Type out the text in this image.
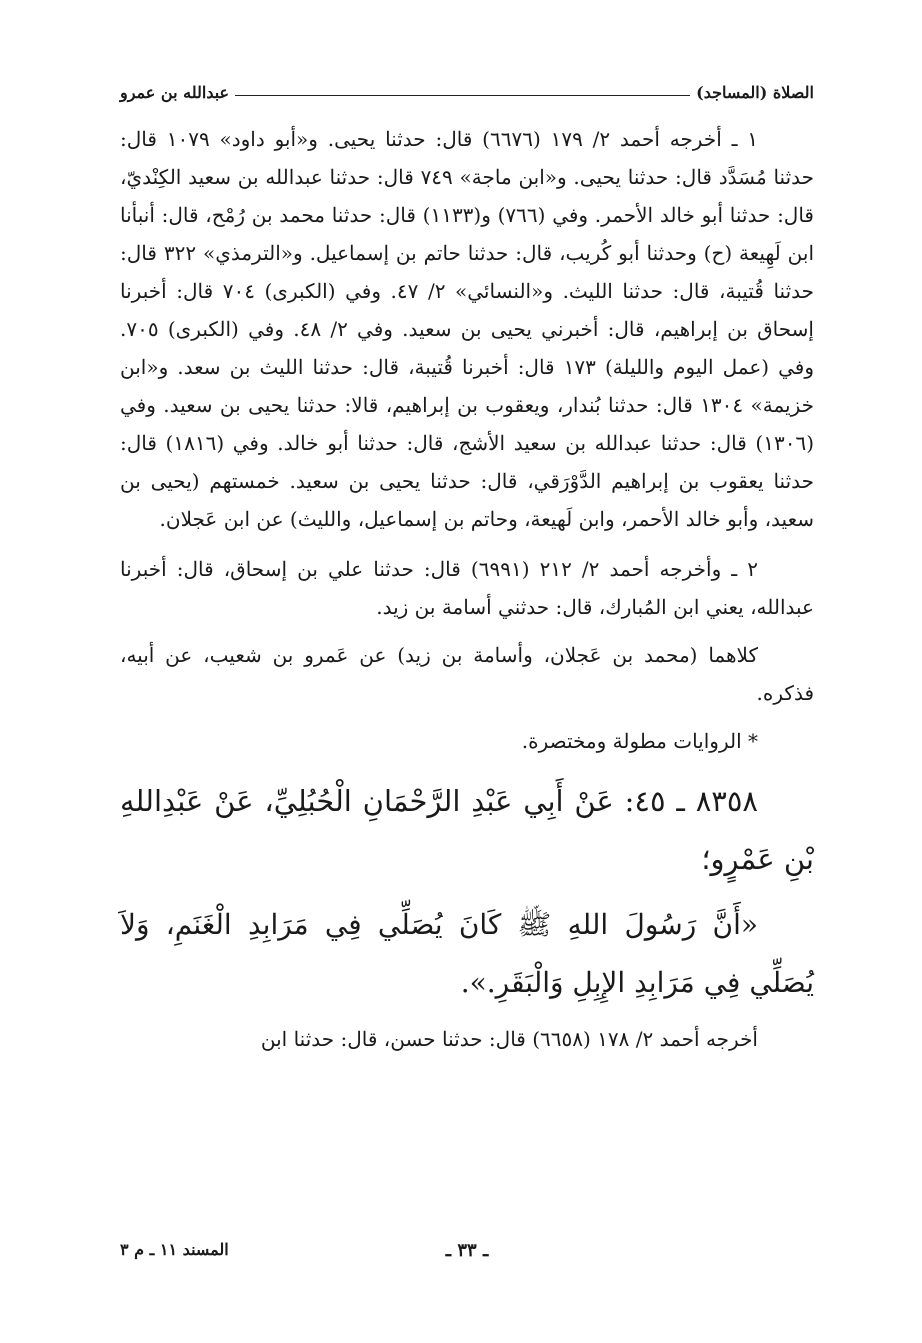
الصلاة (المساجد)
عبدالله بن عمرو

١ ـ أخرجه أحمد ٢/ ١٧٩ (٦٦٧٦) قال: حدثنا يحيى. و«أبو داود» ١٠٧٩ قال: حدثنا مُسَدَّد قال: حدثنا يحيى. و«ابن ماجة» ٧٤٩ قال: حدثنا عبدالله بن سعيد الكِنْديّ، قال: حدثنا أبو خالد الأحمر. وفي (٧٦٦) و(١١٣٣) قال: حدثنا محمد بن رُمْح، قال: أنبأنا ابن لَهِيعة (ح) وحدثنا أبو كُريب، قال: حدثنا حاتم بن إسماعيل. و«الترمذي» ٣٢٢ قال: حدثنا قُتيبة، قال: حدثنا الليث. و«النسائي» ٢/ ٤٧. وفي (الكبرى) ٧٠٤ قال: أخبرنا إسحاق بن إبراهيم، قال: أخبرني يحيى بن سعيد. وفي ٢/ ٤٨. وفي (الكبرى) ٧٠٥. وفي (عمل اليوم والليلة) ١٧٣ قال: أخبرنا قُتيبة، قال: حدثنا الليث بن سعد. و«ابن خزيمة» ١٣٠٤ قال: حدثنا بُندار، ويعقوب بن إبراهيم، قالا: حدثنا يحيى بن سعيد. وفي (١٣٠٦) قال: حدثنا عبدالله بن سعيد الأشج، قال: حدثنا أبو خالد. وفي (١٨١٦) قال: حدثنا يعقوب بن إبراهيم الدَّوْرَقي، قال: حدثنا يحيى بن سعيد. خمستهم (يحيى بن سعيد، وأبو خالد الأحمر، وابن لَهيعة، وحاتم بن إسماعيل، والليث) عن ابن عَجلان.

٢ ـ وأخرجه أحمد ٢/ ٢١٢ (٦٩٩١) قال: حدثنا علي بن إسحاق، قال: أخبرنا عبدالله، يعني ابن المُبارك، قال: حدثني أسامة بن زيد.

كلاهما (محمد بن عَجلان، وأسامة بن زيد) عن عَمرو بن شعيب، عن أبيه، فذكره.

* الروايات مطولة ومختصرة.

٨٣٥٨ ـ ٤٥: عَنْ أَبِي عَبْدِ الرَّحْمَانِ الْحُبُلِيِّ، عَنْ عَبْدِاللهِ بْنِ عَمْرٍو؛
«أَنَّ رَسُولَ اللهِ ﷺ كَانَ يُصَلِّي فِي مَرَابِدِ الْغَنَمِ، وَلاَ يُصَلِّي فِي مَرَابِدِ الإِبِلِ وَالْبَقَرِ.».

أخرجه أحمد ٢/ ١٧٨ (٦٦٥٨) قال: حدثنا حسن، قال: حدثنا ابن

ـ ٣٣ ـ
المسند ١١ ـ م ٣
